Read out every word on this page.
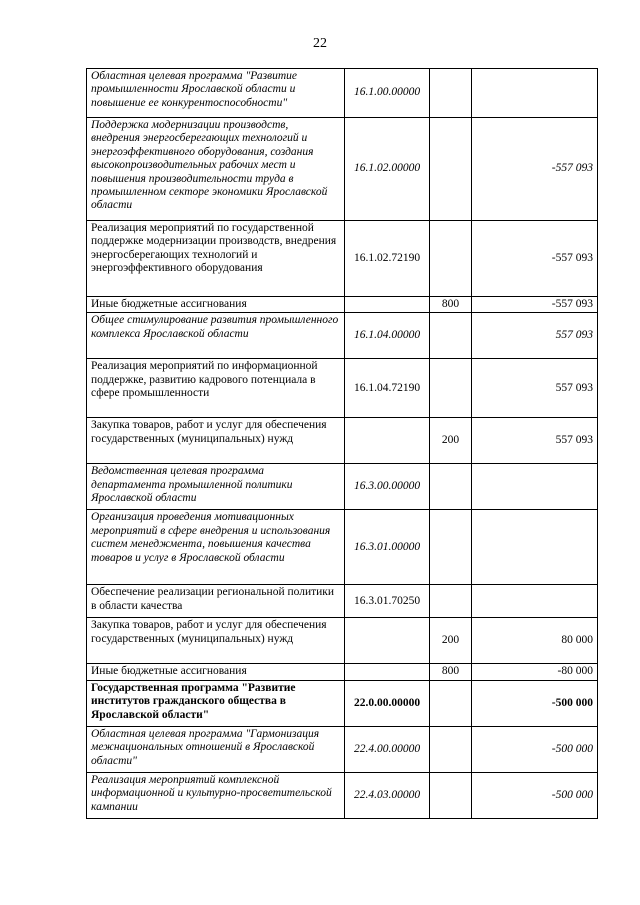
22
Областная целевая программа "Развитие промышленности Ярославской области и повышение ее конкурентоспособности"	16.1.00.00000		
Поддержка модернизации производств, внедрения энергосберегающих технологий и энергоэффективного оборудования, создания высокопроизводительных рабочих мест и повышения производительности труда в промышленном секторе экономики Ярославской области	16.1.02.00000		-557 093
Реализация мероприятий по государственной поддержке модернизации производств, внедрения энергосберегающих технологий и энергоэффективного оборудования	16.1.02.72190		-557 093
Иные бюджетные ассигнования		800	-557 093
Общее стимулирование развития промышленного комплекса Ярославской области	16.1.04.00000		557 093
Реализация мероприятий по информационной поддержке, развитию кадрового потенциала в сфере промышленности	16.1.04.72190		557 093
Закупка товаров, работ и услуг для обеспечения государственных (муниципальных) нужд		200	557 093
Ведомственная целевая программа департамента промышленной политики Ярославской области	16.3.00.00000		
Организация проведения мотивационных мероприятий в сфере внедрения и использования систем менеджмента, повышения качества товаров и услуг в Ярославской области	16.3.01.00000		
Обеспечение реализации региональной политики в области качества	16.3.01.70250		
Закупка товаров, работ и услуг для обеспечения государственных (муниципальных) нужд		200	80 000
Иные бюджетные ассигнования		800	-80 000
Государственная программа "Развитие институтов гражданского общества в Ярославской области"	22.0.00.00000		-500 000
Областная целевая программа "Гармонизация межнациональных отношений в Ярославской области"	22.4.00.00000		-500 000
Реализация мероприятий комплексной информационной и культурно-просветительской кампании	22.4.03.00000		-500 000
